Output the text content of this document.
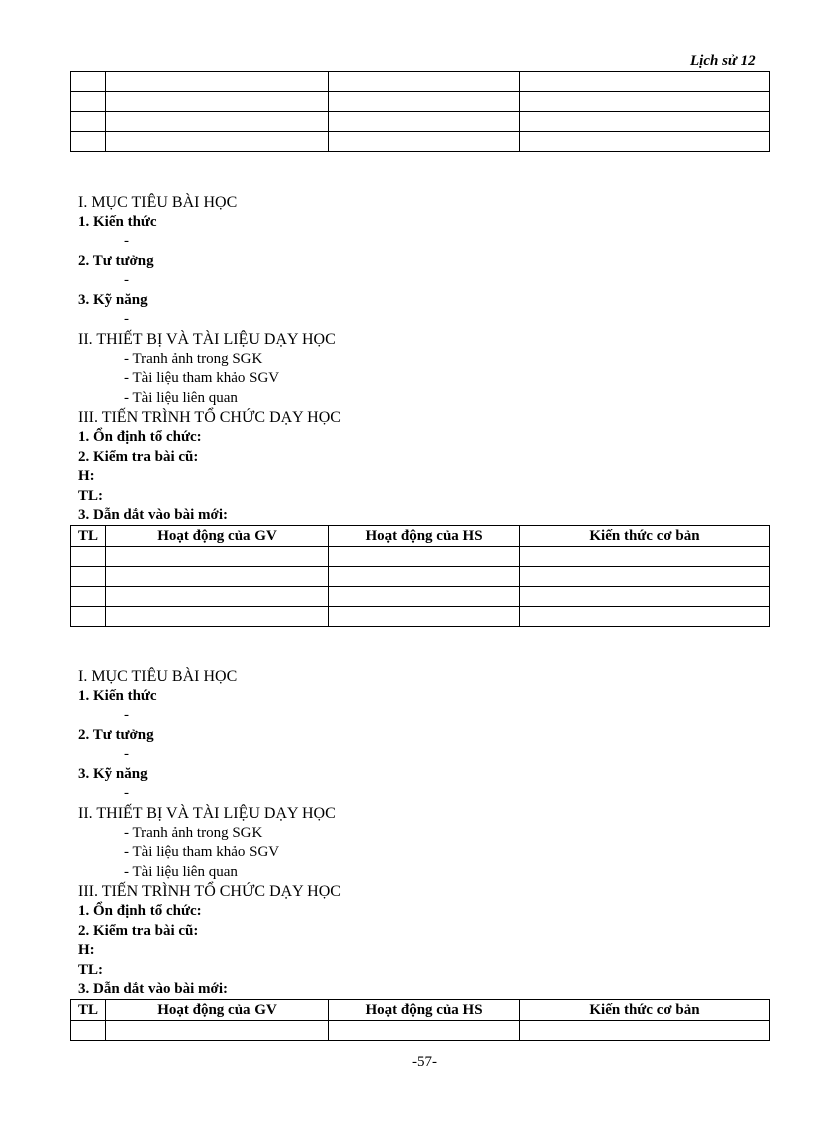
Lịch sử 12

I. MỤC TIÊU BÀI HỌC
1. Kiến thức
-
2. Tư tưởng
-
3. Kỹ năng
-
II. THIẾT BỊ VÀ TÀI LIỆU DẠY HỌC
- Tranh ảnh trong SGK
- Tài liệu tham khảo SGV
- Tài liệu liên quan
III. TIẾN TRÌNH TỔ CHỨC DẠY HỌC
1. Ổn định tổ chức:
2. Kiểm tra bài cũ:
H:
TL:
3. Dẫn dắt vào bài mới:
TL	Hoạt động của GV	Hoạt động của HS	Kiến thức cơ bản

I. MỤC TIÊU BÀI HỌC
1. Kiến thức
-
2. Tư tưởng
-
3. Kỹ năng
-
II. THIẾT BỊ VÀ TÀI LIỆU DẠY HỌC
- Tranh ảnh trong SGK
- Tài liệu tham khảo SGV
- Tài liệu liên quan
III. TIẾN TRÌNH TỔ CHỨC DẠY HỌC
1. Ổn định tổ chức:
2. Kiểm tra bài cũ:
H:
TL:
3. Dẫn dắt vào bài mới:
TL	Hoạt động của GV	Hoạt động của HS	Kiến thức cơ bản

-57-
